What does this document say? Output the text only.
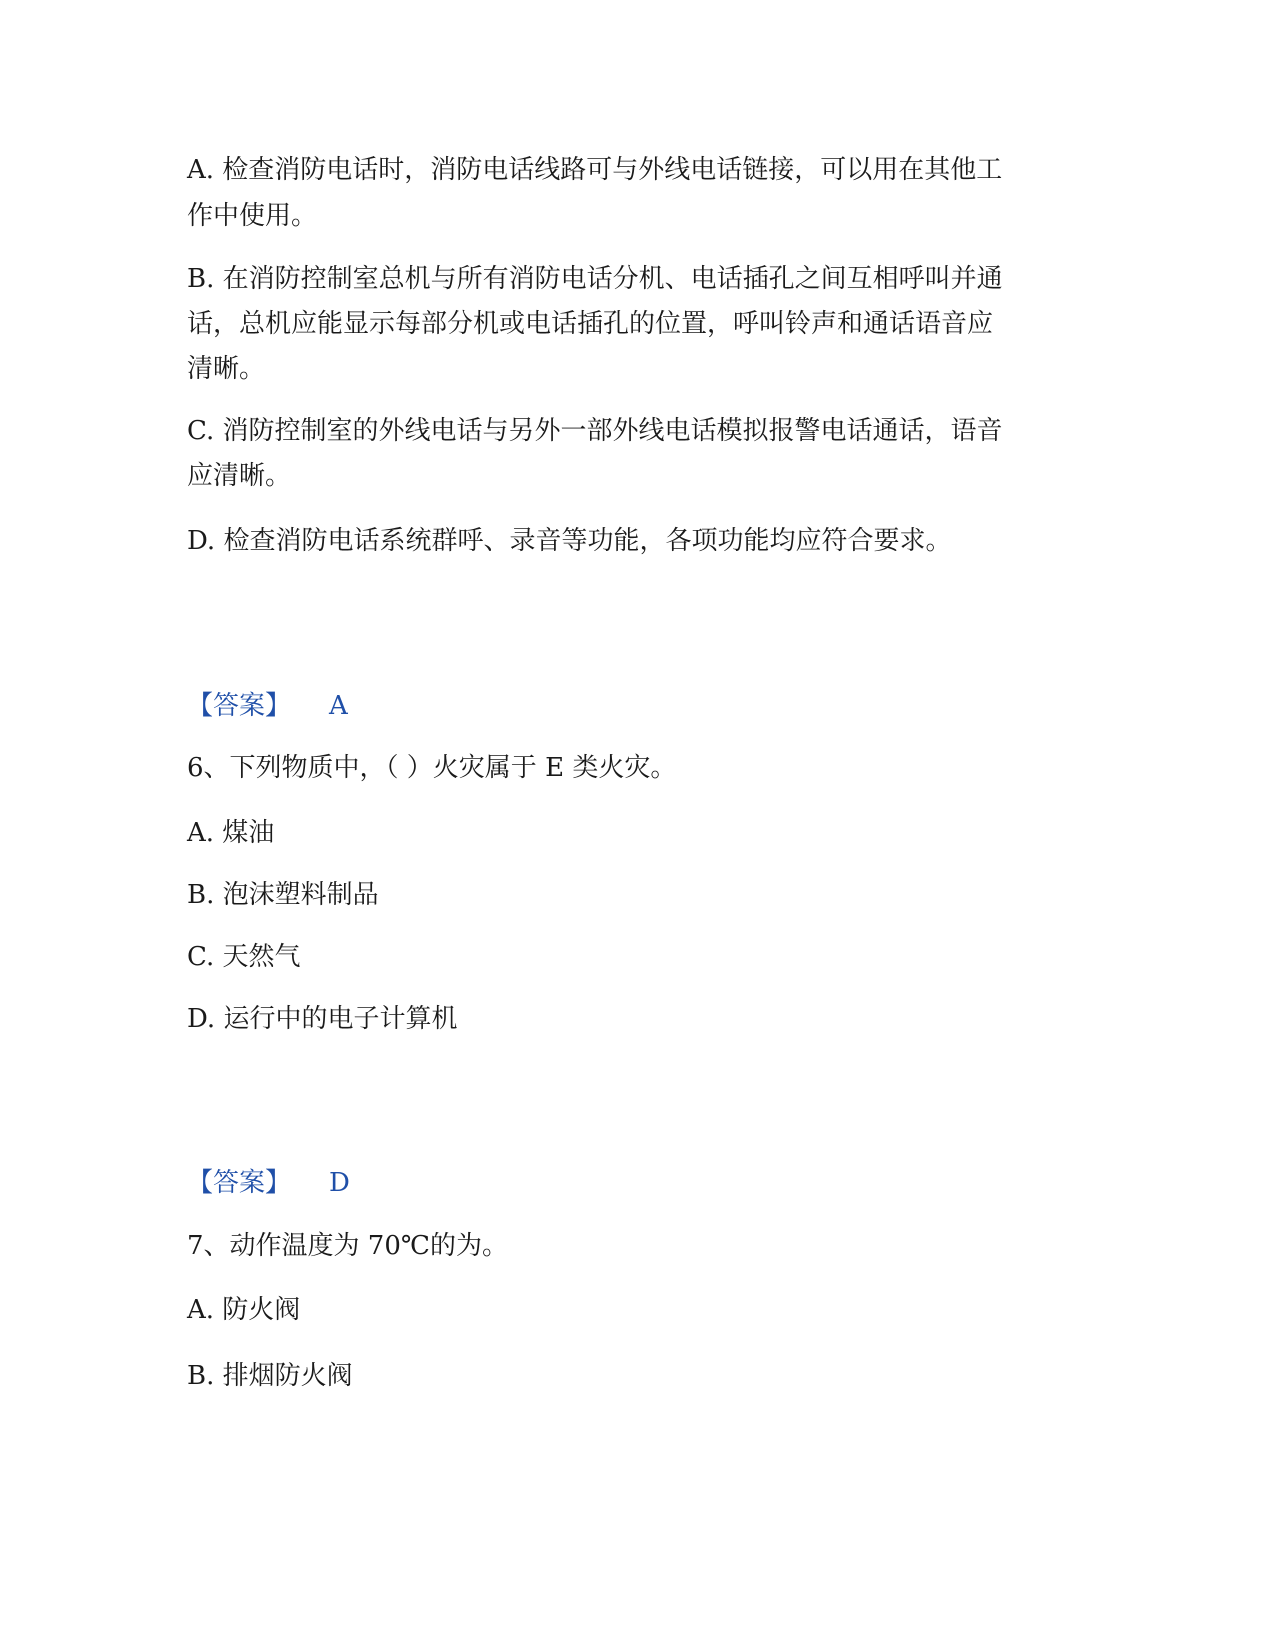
A. 检查消防电话时，消防电话线路可与外线电话链接，可以用在其他工
作中使用。
B. 在消防控制室总机与所有消防电话分机、电话插孔之间互相呼叫并通
话，总机应能显示每部分机或电话插孔的位置，呼叫铃声和通话语音应
清晰。
C. 消防控制室的外线电话与另外一部外线电话模拟报警电话通话，语音
应清晰。
D. 检查消防电话系统群呼、录音等功能，各项功能均应符合要求。
【答案】 A
6、下列物质中，（ ）火灾属于 E 类火灾。
A. 煤油
B. 泡沫塑料制品
C. 天然气
D. 运行中的电子计算机
【答案】 D
7、动作温度为 70℃的为。
A. 防火阀
B. 排烟防火阀
